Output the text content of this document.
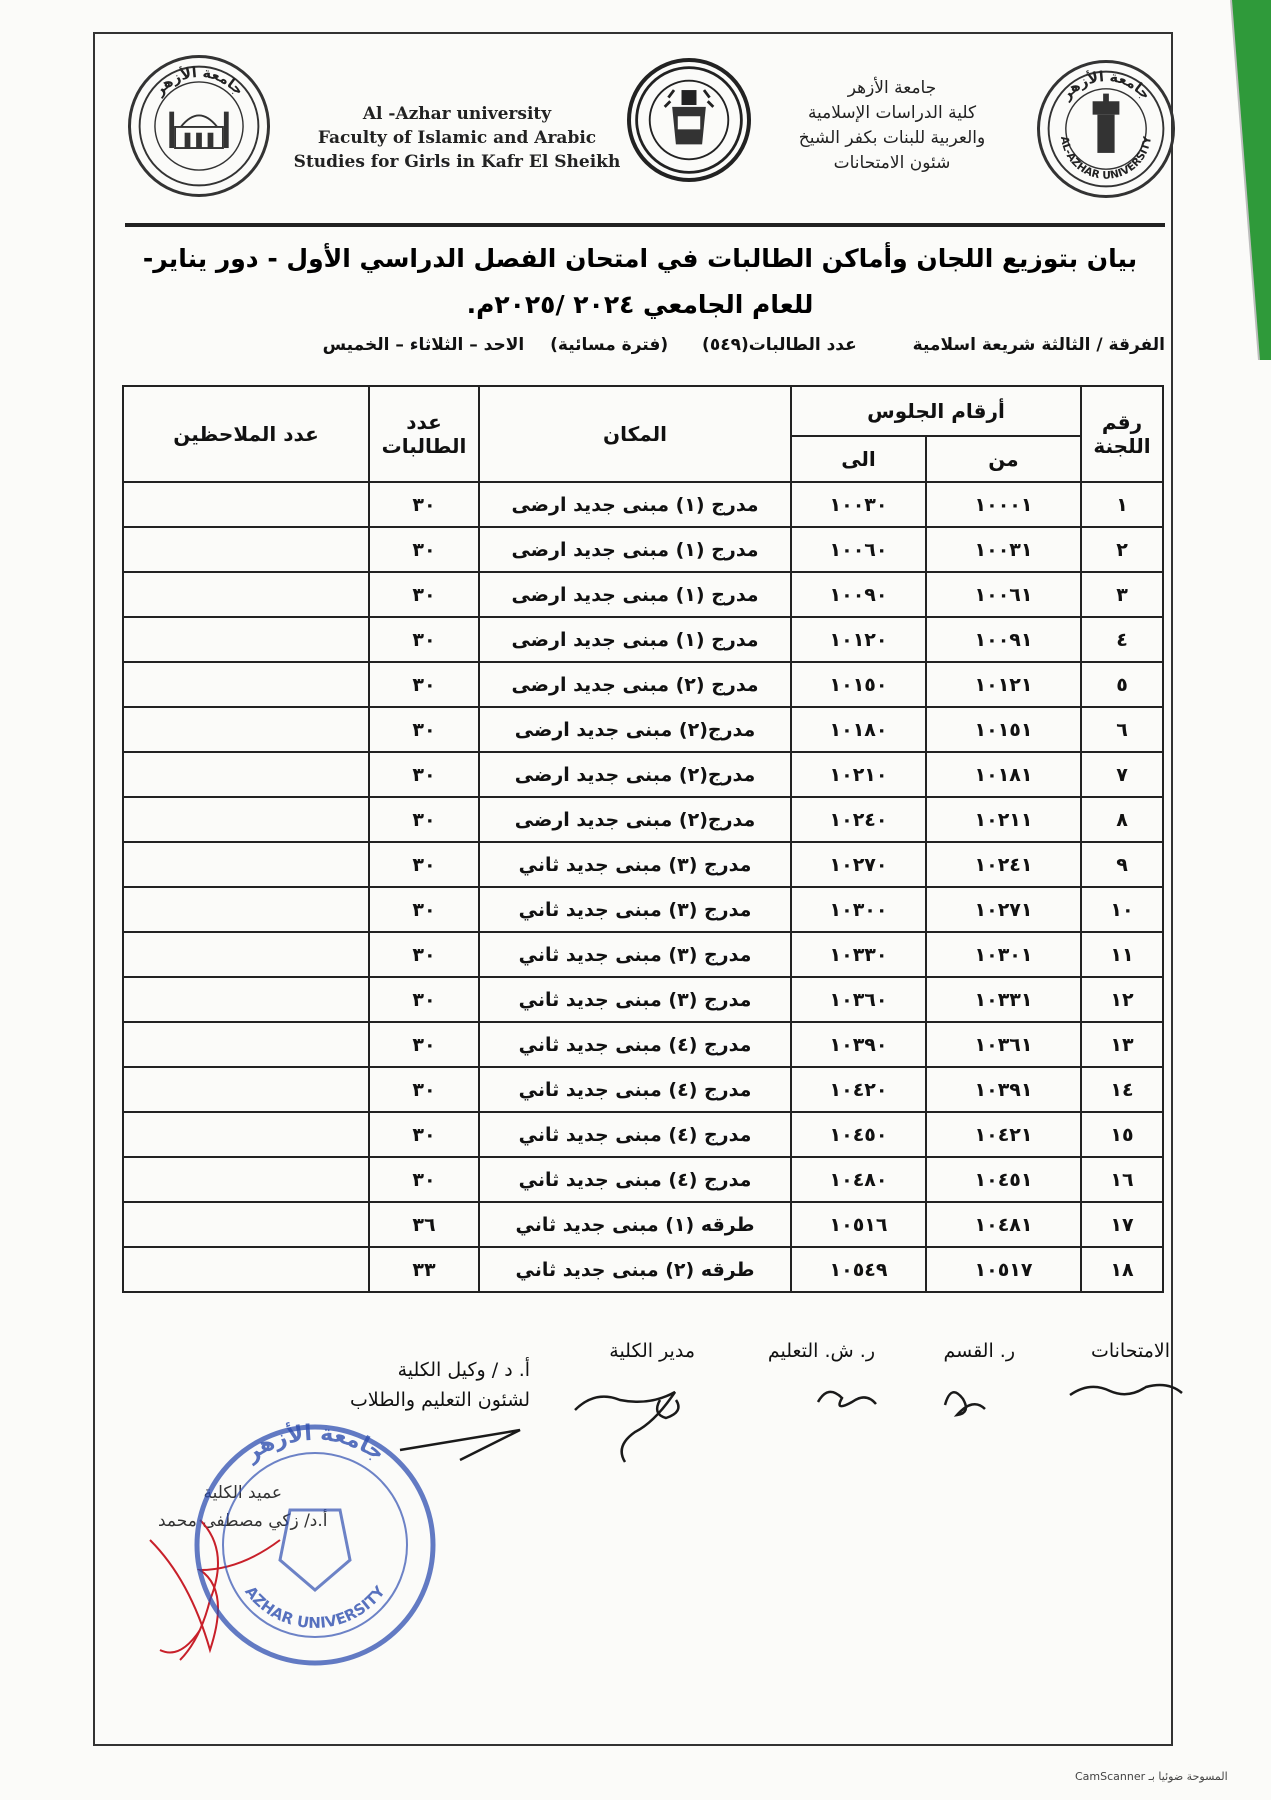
جامعة الأزهر	جامعة الأزهر
AL-AZHAR UNIVERSITY
Al -Azhar university
Faculty of Islamic and Arabic
Studies for Girls in Kafr El Sheikh
جامعة الأزهر
كلية الدراسات الإسلامية
والعربية للبنات بكفر الشيخ
شئون الامتحانات
بيان بتوزيع اللجان وأماكن الطالبات في امتحان الفصل الدراسي الأول - دور يناير-
للعام الجامعي ٢٠٢٤ /٢٠٢٥م.
الفرقة / الثالثة شريعة اسلامية عدد الطالبات(٥٤٩) (فترة مسائية) الاحد – الثلاثاء – الخميس
رقم اللجنة	أرقام الجلوس		المكان	عدد الطالبات	عدد الملاحظين
	من	الى			
١	١٠٠٠١	١٠٠٣٠	مدرج (١) مبنى جديد ارضى	٣٠	
٢	١٠٠٣١	١٠٠٦٠	مدرج (١) مبنى جديد ارضى	٣٠	
٣	١٠٠٦١	١٠٠٩٠	مدرج (١) مبنى جديد ارضى	٣٠	
٤	١٠٠٩١	١٠١٢٠	مدرج (١) مبنى جديد ارضى	٣٠	
٥	١٠١٢١	١٠١٥٠	مدرج (٢) مبنى جديد ارضى	٣٠	
٦	١٠١٥١	١٠١٨٠	مدرج(٢) مبنى جديد ارضى	٣٠	
٧	١٠١٨١	١٠٢١٠	مدرج(٢) مبنى جديد ارضى	٣٠	
٨	١٠٢١١	١٠٢٤٠	مدرج(٢) مبنى جديد ارضى	٣٠	
٩	١٠٢٤١	١٠٢٧٠	مدرج (٣) مبنى جديد ثاني	٣٠	
١٠	١٠٢٧١	١٠٣٠٠	مدرج (٣) مبنى جديد ثاني	٣٠	
١١	١٠٣٠١	١٠٣٣٠	مدرج (٣) مبنى جديد ثاني	٣٠	
١٢	١٠٣٣١	١٠٣٦٠	مدرج (٣) مبنى جديد ثاني	٣٠	
١٣	١٠٣٦١	١٠٣٩٠	مدرج (٤) مبنى جديد ثاني	٣٠	
١٤	١٠٣٩١	١٠٤٢٠	مدرج (٤) مبنى جديد ثاني	٣٠	
١٥	١٠٤٢١	١٠٤٥٠	مدرج (٤) مبنى جديد ثاني	٣٠	
١٦	١٠٤٥١	١٠٤٨٠	مدرج (٤) مبنى جديد ثاني	٣٠	
١٧	١٠٤٨١	١٠٥١٦	طرقه (١) مبنى جديد ثاني	٣٦	
١٨	١٠٥١٧	١٠٥٤٩	طرقه (٢) مبنى جديد ثاني	٣٣	
الامتحانات
ر. القسم
ر. ش. التعليم
مدير الكلية
أ. د / وكيل الكلية
لشئون التعليم والطلاب
عميد الكلية
أ.د/ زكي مصطفى محمد
جامعة الأزهر
AZHAR UNIVERSITY
المسوحة ضوئيا بـ CamScanner
